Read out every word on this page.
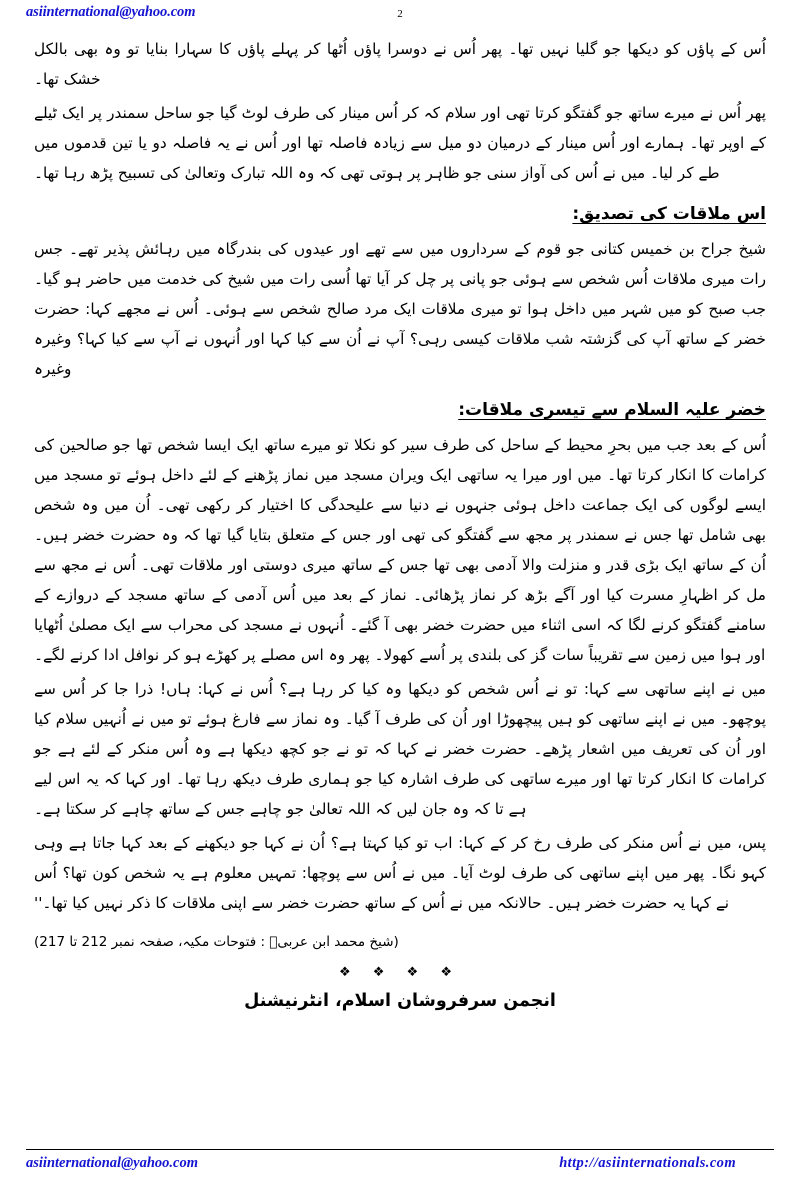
asiinternational@yahoo.com	2

اُس کے پاؤں کو دیکھا جو گلیا نہیں تھا۔ پھر اُس نے دوسرا پاؤں اُٹھا کر پہلے پاؤں کا سہارا بنایا تو وہ بھی بالکل خشک تھا۔

پھر اُس نے میرے ساتھ جو گفتگو کرتا تھی اور سلام کہ کر اُس مینار کی طرف لوٹ گیا جو ساحل سمندر پر ایک ٹیلے کے اوپر تھا۔ ہمارے اور اُس مینار کے درمیان دو میل سے زیادہ فاصلہ تھا اور اُس نے یہ فاصلہ دو یا تین قدموں میں طے کر لیا۔ میں نے اُس کی آواز سنی جو ظاہر پر ہوتی تھی کہ وہ اللہ تبارک وتعالیٰ کی تسبیح پڑھ رہا تھا۔

اس ملاقات کی تصدیق:

شیخ جراح بن خمیس کتانی جو قوم کے سرداروں میں سے تھے اور عیدوں کی بندرگاہ میں رہائش پذیر تھے۔ جس رات میری ملاقات اُس شخص سے ہوئی جو پانی پر چل کر آیا تھا اُسی رات میں شیخ کی خدمت میں حاضر ہو گیا۔ جب صبح کو میں شہر میں داخل ہوا تو میری ملاقات ایک مرد صالح شخص سے ہوئی۔ اُس نے مجھے کہا: حضرت خضر کے ساتھ آپ کی گزشتہ شب ملاقات کیسی رہی؟ آپ نے اُن سے کیا کہا اور اُنہوں نے آپ سے کیا کہا؟ وغیرہ وغیرہ

خضر علیہ السلام سے تیسری ملاقات:

اُس کے بعد جب میں بحرِ محیط کے ساحل کی طرف سیر کو نکلا تو میرے ساتھ ایک ایسا شخص تھا جو صالحین کی کرامات کا انکار کرتا تھا۔ میں اور میرا یہ ساتھی ایک ویران مسجد میں نماز پڑھنے کے لئے داخل ہوئے تو مسجد میں ایسے لوگوں کی ایک جماعت داخل ہوئی جنہوں نے دنیا سے علیحدگی کا اختیار کر رکھی تھی۔ اُن میں وہ شخص بھی شامل تھا جس نے سمندر پر مجھ سے گفتگو کی تھی اور جس کے متعلق بتایا گیا تھا کہ وہ حضرت خضر ہیں۔ اُن کے ساتھ ایک بڑی قدر و منزلت والا آدمی بھی تھا جس کے ساتھ میری دوستی اور ملاقات تھی۔ اُس نے مجھ سے مل کر اظہارِ مسرت کیا اور آگے بڑھ کر نماز پڑھائی۔ نماز کے بعد میں اُس آدمی کے ساتھ مسجد کے دروازے کے سامنے گفتگو کرنے لگا کہ اسی اثناء میں حضرت خضر بھی آ گئے۔ اُنہوں نے مسجد کی محراب سے ایک مصلیٰ اُٹھایا اور ہوا میں زمین سے تقریباً سات گز کی بلندی پر اُسے کھولا۔ پھر وہ اس مصلے پر کھڑے ہو کر نوافل ادا کرنے لگے۔

میں نے اپنے ساتھی سے کہا: تو نے اُس شخص کو دیکھا وہ کیا کر رہا ہے؟ اُس نے کہا: ہاں! ذرا جا کر اُس سے پوچھو۔ میں نے اپنے ساتھی کو ہیں پیچھوڑا اور اُن کی طرف آ گیا۔ وہ نماز سے فارغ ہوئے تو میں نے اُنہیں سلام کیا اور اُن کی تعریف میں اشعار پڑھے۔ حضرت خضر نے کہا کہ تو نے جو کچھ دیکھا ہے وہ اُس منکر کے لئے ہے جو کرامات کا انکار کرتا تھا اور میرے ساتھی کی طرف اشارہ کیا جو ہماری طرف دیکھ رہا تھا۔ اور کہا کہ یہ اس لیے ہے تا کہ وہ جان لیں کہ اللہ تعالیٰ جو چاہے جس کے ساتھ چاہے کر سکتا ہے۔

پس، میں نے اُس منکر کی طرف رخ کر کے کہا: اب تو کیا کہتا ہے؟ اُن نے کہا جو دیکھنے کے بعد کہا جاتا ہے وہی کہو نگا۔ پھر میں اپنے ساتھی کی طرف لوٹ آیا۔ میں نے اُس سے پوچھا: تمہیں معلوم ہے یہ شخص کون تھا؟ اُس نے کہا یہ حضرت خضر ہیں۔ حالانکہ میں نے اُس کے ساتھ حضرت خضر سے اپنی ملاقات کا ذکر نہیں کیا تھا۔''

(شیخ محمد ابن عربیؒ : فتوحات مکیہ، صفحہ نمبر 212 تا 217)

❖ ❖ ❖ ❖
انجمن سرفروشان اسلام، انٹرنیشنل
asiinternational@yahoo.com	http://asiinternationals.com
